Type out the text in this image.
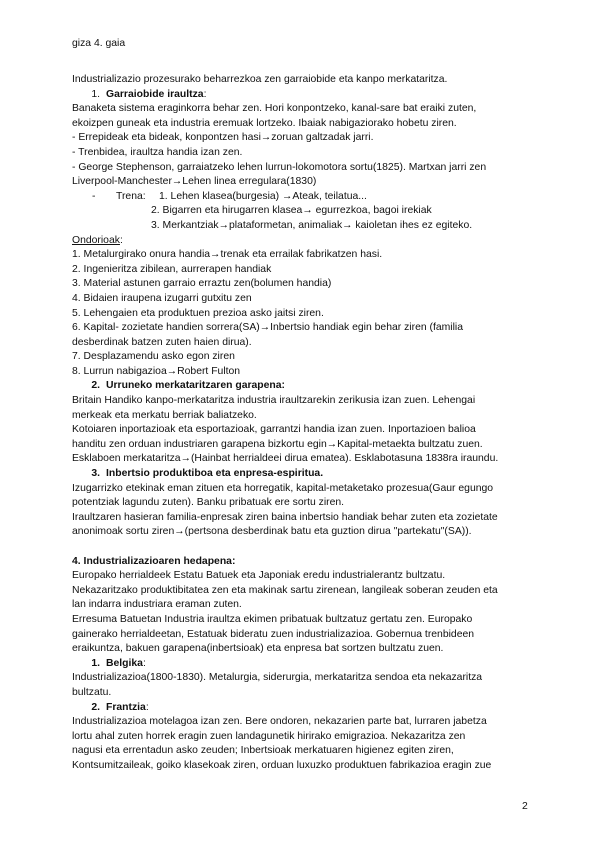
giza 4. gaia
Industrializazio prozesurako beharrezkoa zen garraiobide eta kanpo merkataritza.
1. Garraiobide iraultza:
Banaketa sistema eraginkorra behar zen. Hori konpontzeko, kanal-sare bat eraiki zuten,
ekoizpen guneak eta industria eremuak lortzeko. Ibaiak nabigaziorako hobetu ziren.
- Errepideak eta bideak, konpontzen hasi→zoruan galtzadak jarri.
- Trenbidea, iraultza handia izan zen.
- George Stephenson, garraiatzeko lehen lurrun-lokomotora sortu(1825). Martxan jarri zen
Liverpool-Manchester→Lehen linea erregulara(1830)
- Trena: 1. Lehen klasea(burgesia) →Ateak, teilatua...
2. Bigarren eta hirugarren klasea→ egurrezkoa, bagoi irekiak
3. Merkantziak→plataformetan, animaliak→ kaioletan ihes ez egiteko.
Ondorioak:
1. Metalurgirako onura handia→trenak eta errailak fabrikatzen hasi.
2. Ingenieritza zibilean, aurrerapen handiak
3. Material astunen garraio erraztu zen(bolumen handia)
4. Bidaien iraupena izugarri gutxitu zen
5. Lehengaien eta produktuen prezioa asko jaitsi ziren.
6. Kapital- zozietate handien sorrera(SA)→Inbertsio handiak egin behar ziren (familia
desberdinak batzen zuten haien dirua).
7. Desplazamendu asko egon ziren
8. Lurrun nabigazioa→Robert Fulton
2. Urruneko merkataritzaren garapena:
Britain Handiko kanpo-merkataritza industria iraultzarekin zerikusia izan zuen. Lehengai
merkeak eta merkatu berriak baliatzeko.
Kotoiaren inportazioak eta esportazioak, garrantzi handia izan zuen. Inportazioen balioa
handitu zen orduan industriaren garapena bizkortu egin→Kapital-metaekta bultzatu zuen.
Esklaboen merkataritza→(Hainbat herrialdeei dirua ematea). Esklabotasuna 1838ra iraundu.
3. Inbertsio produktiboa eta enpresa-espiritua.
Izugarrizko etekinak eman zituen eta horregatik, kapital-metaketako prozesua(Gaur egungo
potentziak lagundu zuten). Banku pribatuak ere sortu ziren.
Iraultzaren hasieran familia-enpresak ziren baina inbertsio handiak behar zuten eta zozietate
anonimoak sortu ziren→(pertsona desberdinak batu eta guztion dirua "partekatu"(SA)).
4. Industrializazioaren hedapena:
Europako herrialdeek Estatu Batuek eta Japoniak eredu industrialerantz bultzatu.
Nekazaritzako produktibitatea zen eta makinak sartu zirenean, langileak soberan zeuden eta
lan indarra industriara eraman zuten.
Erresuma Batuetan Industria iraultza ekimen pribatuak bultzatuz gertatu zen. Europako
gainerako herrialdeetan, Estatuak bideratu zuen industrializazioa. Gobernua trenbideen
eraikuntza, bakuen garapena(inbertsioak) eta enpresa bat sortzen bultzatu zuen.
1. Belgika:
Industrializazioa(1800-1830). Metalurgia, siderurgia, merkataritza sendoa eta nekazaritza
bultzatu.
2. Frantzia:
Industrializazioa motelagoa izan zen. Bere ondoren, nekazarien parte bat, lurraren jabetza
lortu ahal zuten horrek eragin zuen landagunetik hirirako emigrazioa. Nekazaritza zen
nagusi eta errentadun asko zeuden; Inbertsioak merkatuaren higienez egiten ziren,
Kontsumitzaileak, goiko klasekoak ziren, orduan luxuzko produktuen fabrikazioa eragin zue
2
